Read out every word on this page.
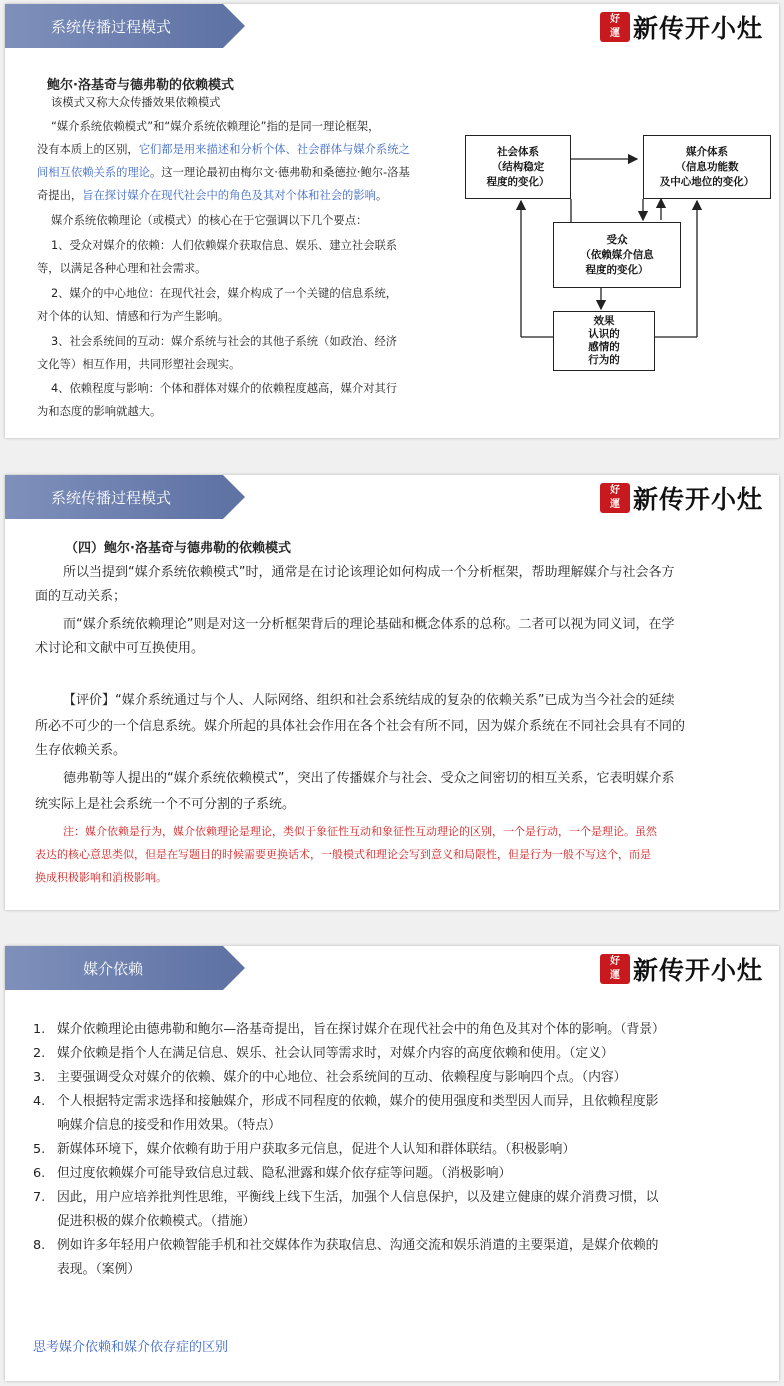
系统传播过程模式	好
運 新传开小灶
鲍尔·洛基奇与德弗勒的依赖模式

该模式又称大众传播效果依赖模式

“媒介系统依赖模式”和“媒介系统依赖理论”指的是同一理论框架，

没有本质上的区别，它们都是用来描述和分析个体、社会群体与媒介系统之

间相互依赖关系的理论。这一理论最初由梅尔文·德弗勒和桑德拉·鲍尔-洛基

奇提出，旨在探讨媒介在现代社会中的角色及其对个体和社会的影响。

媒介系统依赖理论（或模式）的核心在于它强调以下几个要点：

1、受众对媒介的依赖：人们依赖媒介获取信息、娱乐、建立社会联系

等，以满足各种心理和社会需求。

2、媒介的中心地位：在现代社会，媒介构成了一个关键的信息系统，

对个体的认知、情感和行为产生影响。

3、社会系统间的互动：媒介系统与社会的其他子系统（如政治、经济

文化等）相互作用，共同形塑社会现实。

4、依赖程度与影响：个体和群体对媒介的依赖程度越高，媒介对其行

为和态度的影响就越大。

社会体系
（结构稳定
程度的变化）
媒介体系
（信息功能数
及中心地位的变化）
受众
（依赖媒介信息
程度的变化）
效果
认识的
感情的
行为的
系统传播过程模式	好
運 新传开小灶
（四）鲍尔·洛基奇与德弗勒的依赖模式

所以当提到“媒介系统依赖模式”时，通常是在讨论该理论如何构成一个分析框架，帮助理解媒介与社会各方

面的互动关系；

而“媒介系统依赖理论”则是对这一分析框架背后的理论基础和概念体系的总称。二者可以视为同义词，在学

术讨论和文献中可互换使用。

【评价】“媒介系统通过与个人、人际网络、组织和社会系统结成的复杂的依赖关系”已成为当今社会的延续

所必不可少的一个信息系统。媒介所起的具体社会作用在各个社会有所不同，因为媒介系统在不同社会具有不同的

生存依赖关系。

德弗勒等人提出的“媒介系统依赖模式”，突出了传播媒介与社会、受众之间密切的相互关系，它表明媒介系

统实际上是社会系统一个不可分割的子系统。

注：媒介依赖是行为，媒介依赖理论是理论，类似于象征性互动和象征性互动理论的区别，一个是行动，一个是理论。虽然
表达的核心意思类似，但是在写题目的时候需要更换话术，一般模式和理论会写到意义和局限性，但是行为一般不写这个，而是
换成积极影响和消极影响。
媒介依赖	好
運 新传开小灶
1. 媒介依赖理论由德弗勒和鲍尔—洛基奇提出，旨在探讨媒介在现代社会中的角色及其对个体的影响。（背景）
2. 媒介依赖是指个人在满足信息、娱乐、社会认同等需求时，对媒介内容的高度依赖和使用。（定义）
3. 主要强调受众对媒介的依赖、媒介的中心地位、社会系统间的互动、依赖程度与影响四个点。（内容）
4. 个人根据特定需求选择和接触媒介，形成不同程度的依赖，媒介的使用强度和类型因人而异，且依赖程度影
响媒介信息的接受和作用效果。（特点）
5. 新媒体环境下，媒介依赖有助于用户获取多元信息，促进个人认知和群体联结。（积极影响）
6. 但过度依赖媒介可能导致信息过载、隐私泄露和媒介依存症等问题。（消极影响）
7. 因此，用户应培养批判性思维，平衡线上线下生活，加强个人信息保护，以及建立健康的媒介消费习惯，以
促进积极的媒介依赖模式。（措施）
8. 例如许多年轻用户依赖智能手机和社交媒体作为获取信息、沟通交流和娱乐消遣的主要渠道，是媒介依赖的
表现。（案例）
思考媒介依赖和媒介依存症的区别
